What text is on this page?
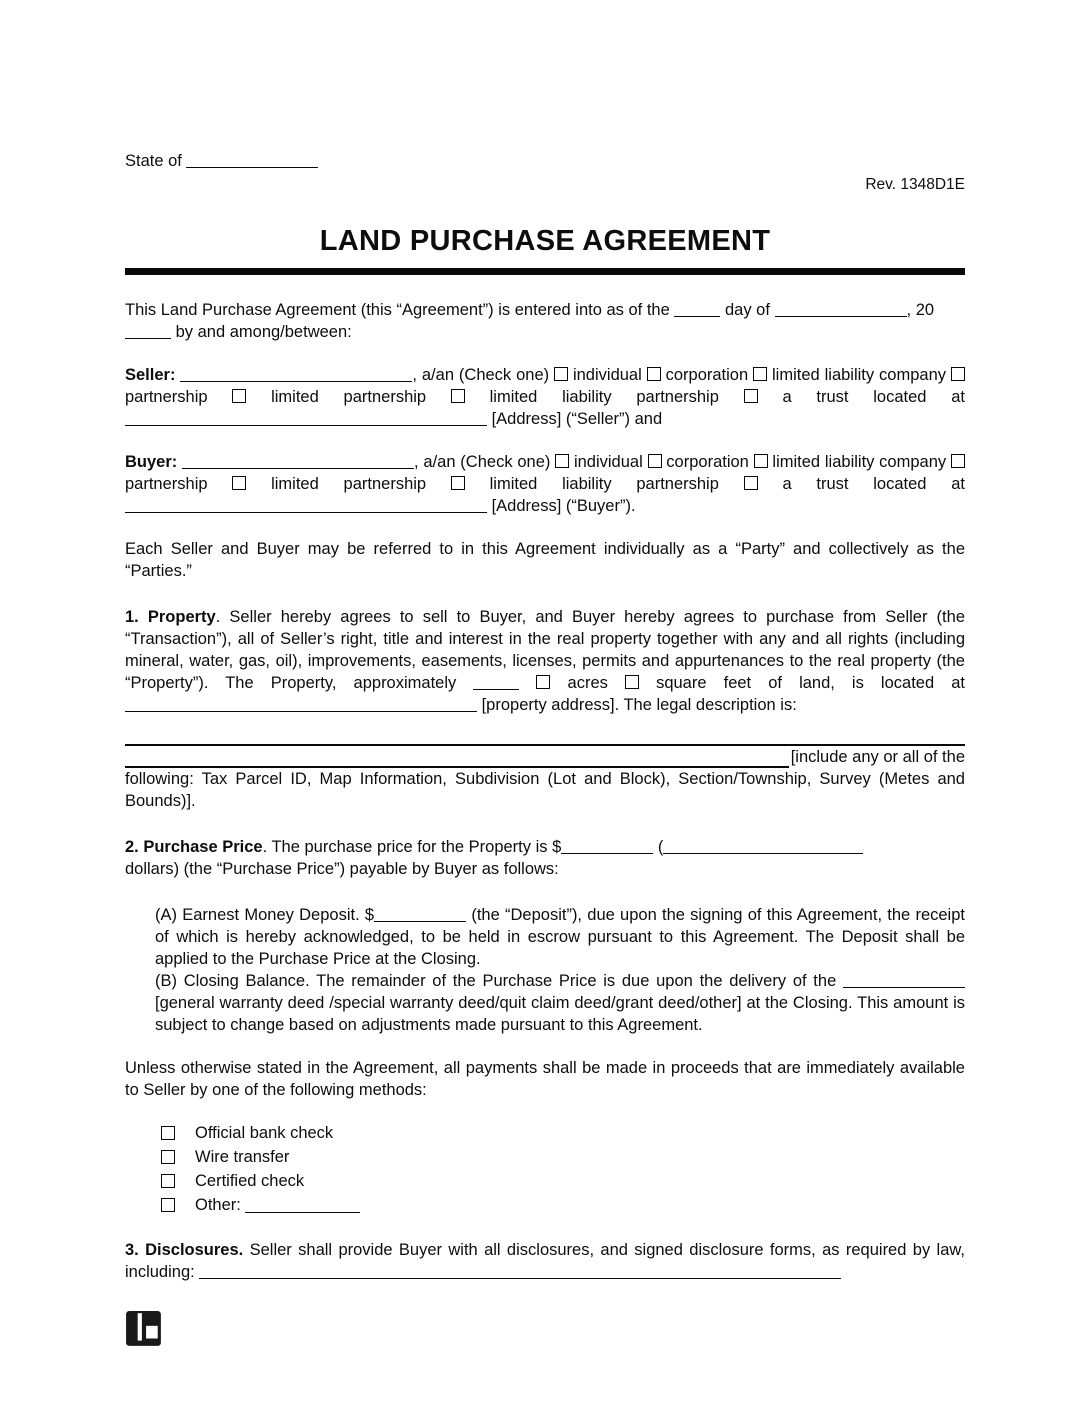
State of

Rev. 1348D1E

LAND PURCHASE AGREEMENT

This Land Purchase Agreement (this “Agreement”) is entered into as of the	day of	, 20 by and among/between:

Seller:	, a/an (Check one) individual corporation limited liability company  partnership	limited partnership	limited liability partnership	a trust located at  [Address] (“Seller”) and

Buyer:	, a/an (Check one) individual corporation limited liability company  partnership	limited partnership	limited liability partnership	a trust located at  [Address] (“Buyer”).

Each Seller and Buyer may be referred to in this Agreement individually as a “Party” and collectively as the “Parties.”

1. Property. Seller hereby agrees to sell to Buyer, and Buyer hereby agrees to purchase from Seller (the “Transaction”), all of Seller’s right, title and interest in the real property together with any and all rights (including mineral, water, gas, oil), improvements, easements, licenses, permits and appurtenances to the real property (the “Property”). The Property, approximately	acres	square feet of land, is located at  [property address]. The legal description is:

[include any or all of the

following: Tax Parcel ID, Map Information, Subdivision (Lot and Block), Section/Township, Survey (Metes and Bounds)].

2. Purchase Price. The purchase price for the Property is $	(

dollars) (the “Purchase Price”) payable by Buyer as follows:

(A) Earnest Money Deposit. $	(the “Deposit”), due upon the signing of this Agreement, the receipt of which is hereby acknowledged, to be held in escrow pursuant to this Agreement. The Deposit shall be applied to the Purchase Price at the Closing.

(B) Closing Balance. The remainder of the Purchase Price is due upon the delivery of the  [general warranty deed /special warranty deed/quit claim deed/grant deed/other] at the Closing. This amount is subject to change based on adjustments made pursuant to this Agreement.

Unless otherwise stated in the Agreement, all payments shall be made in proceeds that are immediately available to Seller by one of the following methods:

Official bank check
Wire transfer
Certified check
Other:

3. Disclosures. Seller shall provide Buyer with all disclosures, and signed disclosure forms, as required by law, including:
